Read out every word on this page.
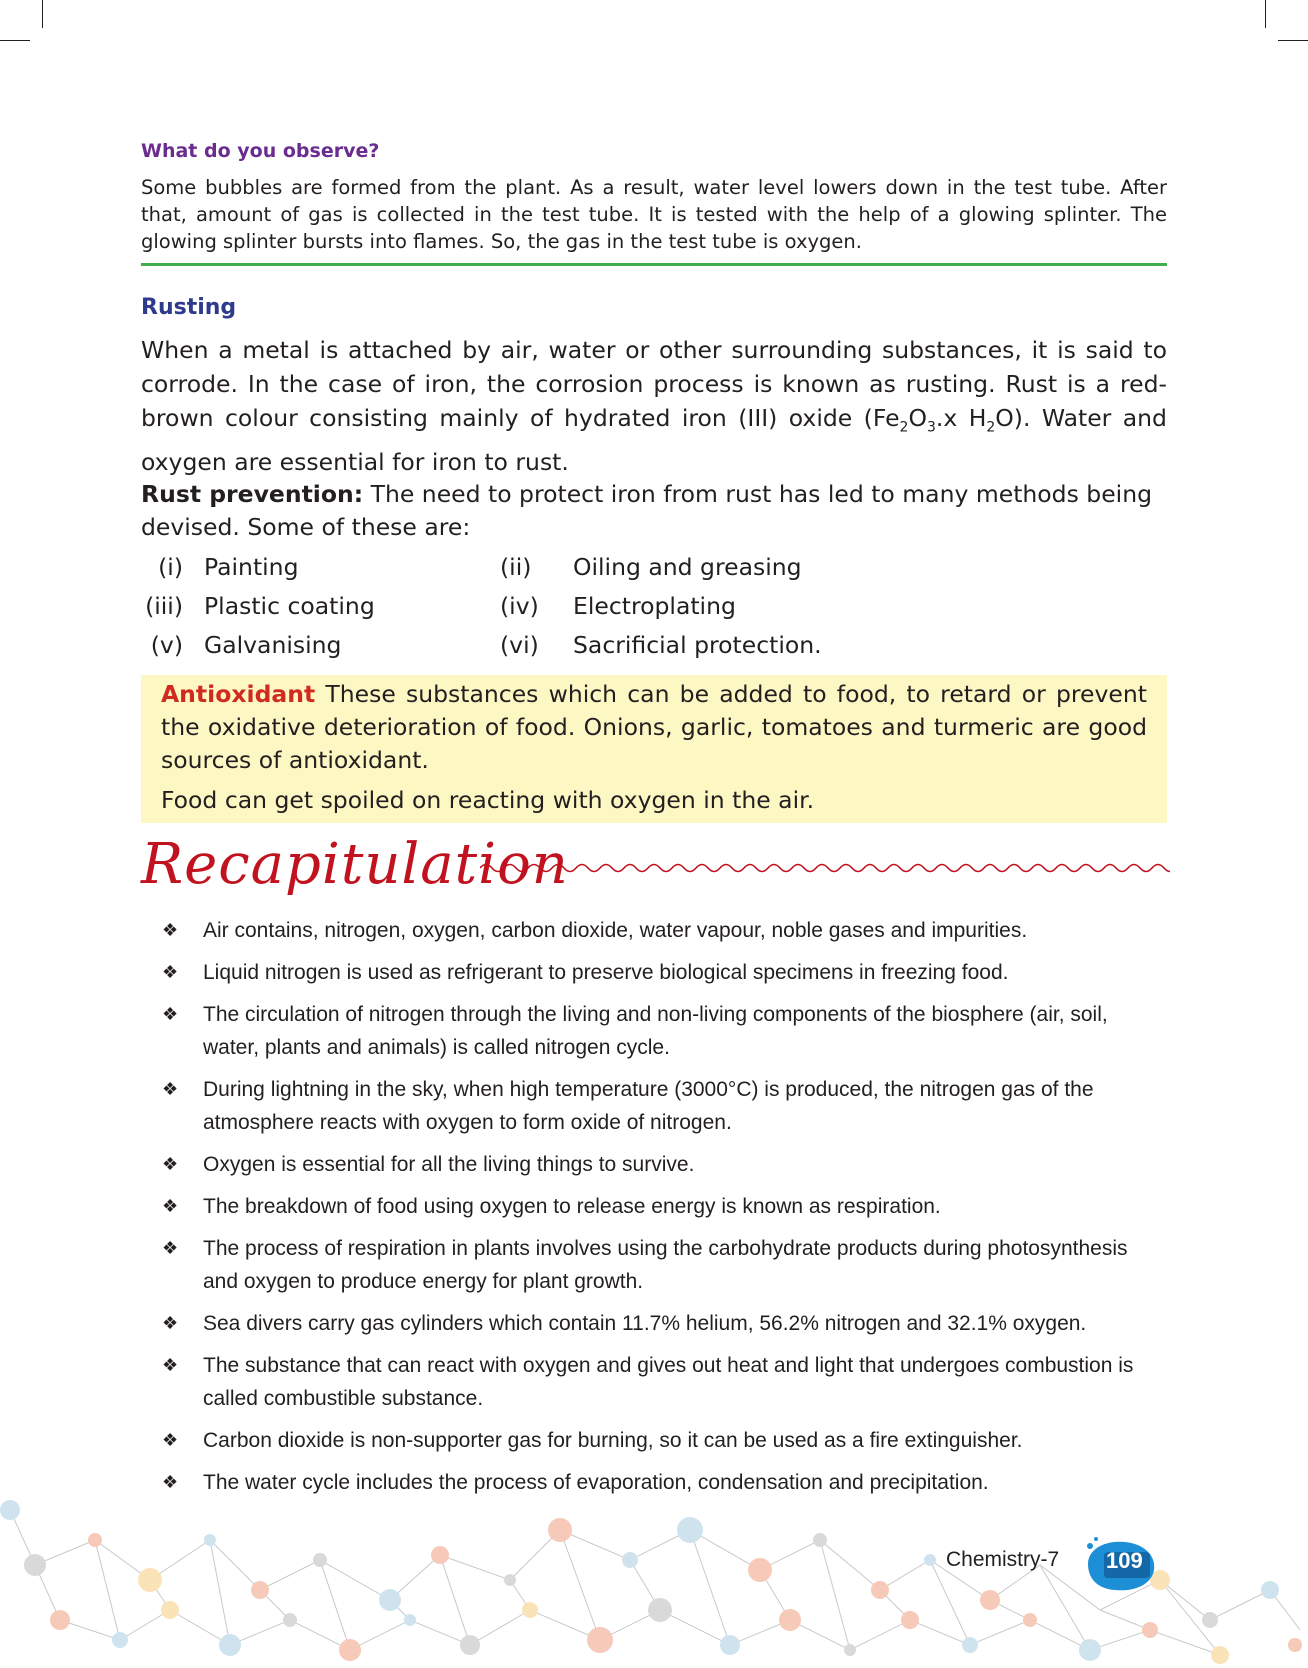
What do you observe?
Some bubbles are formed from the plant. As a result, water level lowers down in the test tube. After that, amount of gas is collected in the test tube. It is tested with the help of a glowing splinter. The glowing splinter bursts into flames. So, the gas in the test tube is oxygen.
Rusting
When a metal is attached by air, water or other surrounding substances, it is said to corrode. In the case of iron, the corrosion process is known as rusting. Rust is a red-brown colour consisting mainly of hydrated iron (III) oxide ($Fe_2O_3.x$ $H_2O$). Water and oxygen are essential for iron to rust.
Rust prevention: The need to protect iron from rust has led to many methods being devised. Some of these are:
(i) Painting	(ii) Oiling and greasing
(iii) Plastic coating	(iv) Electroplating
(v) Galvanising	(vi) Sacrificial protection.
Antioxidant These substances which can be added to food, to retard or prevent the oxidative deterioration of food. Onions, garlic, tomatoes and turmeric are good sources of antioxidant.
Food can get spoiled on reacting with oxygen in the air.
Recapitulation
❖ Air contains, nitrogen, oxygen, carbon dioxide, water vapour, noble gases and impurities.
❖ Liquid nitrogen is used as refrigerant to preserve biological specimens in freezing food.
❖ The circulation of nitrogen through the living and non-living components of the biosphere (air, soil, water, plants and animals) is called nitrogen cycle.
❖ During lightning in the sky, when high temperature (3000°C) is produced, the nitrogen gas of the atmosphere reacts with oxygen to form oxide of nitrogen.
❖ Oxygen is essential for all the living things to survive.
❖ The breakdown of food using oxygen to release energy is known as respiration.
❖ The process of respiration in plants involves using the carbohydrate products during photosynthesis and oxygen to produce energy for plant growth.
❖ Sea divers carry gas cylinders which contain 11.7% helium, 56.2% nitrogen and 32.1% oxygen.
❖ The substance that can react with oxygen and gives out heat and light that undergoes combustion is called combustible substance.
❖ Carbon dioxide is non-supporter gas for burning, so it can be used as a fire extinguisher.
❖ The water cycle includes the process of evaporation, condensation and precipitation.
Chemistry-7 109
